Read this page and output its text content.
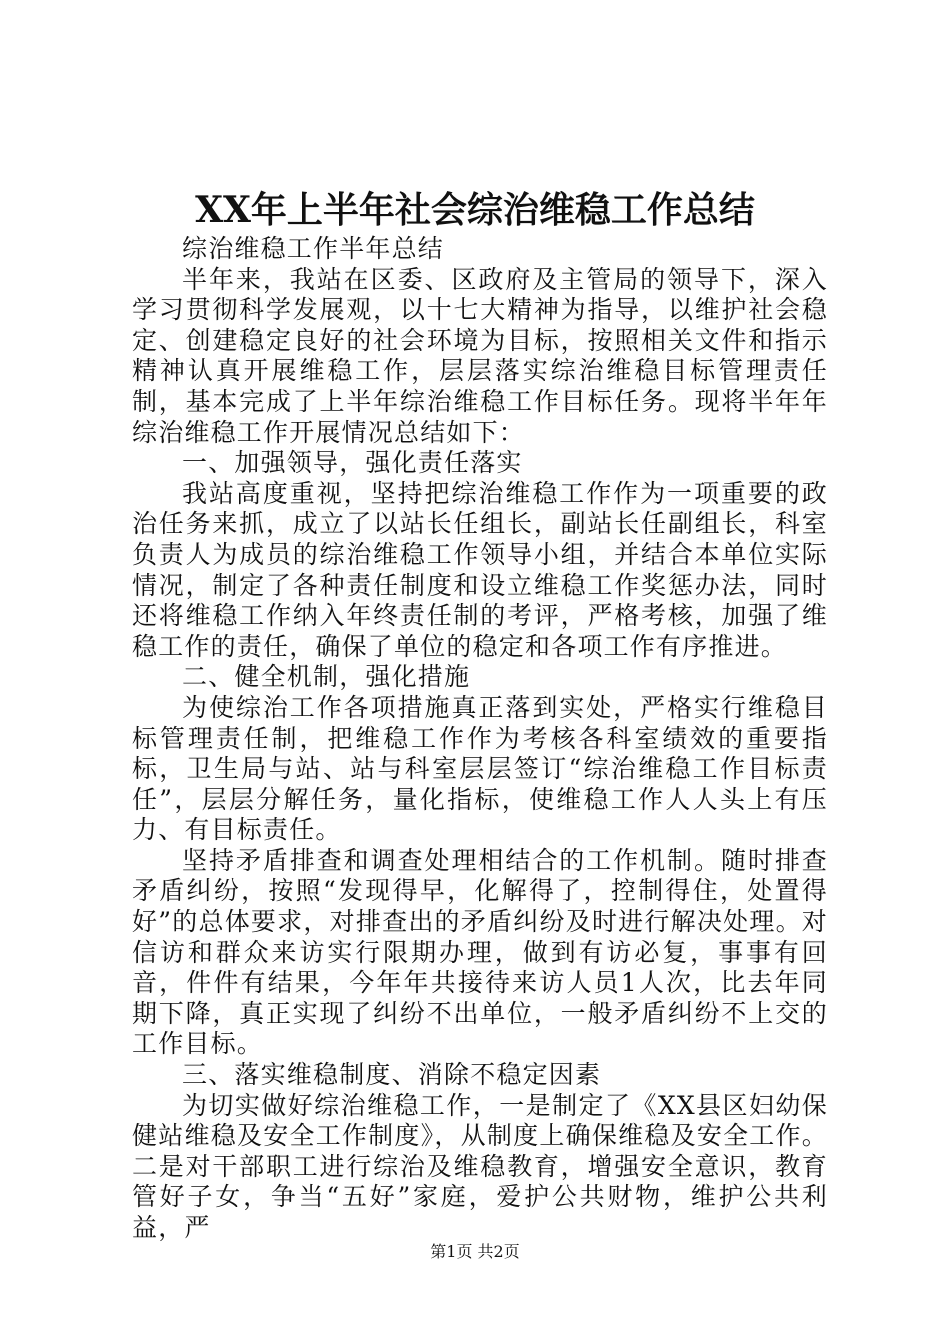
XX年上半年社会综治维稳工作总结

综治维稳工作半年总结

半年来，我站在区委、区政府及主管局的领导下，深入学习贯彻科学发展观，以十七大精神为指导，以维护社会稳定、创建稳定良好的社会环境为目标，按照相关文件和指示精神认真开展维稳工作，层层落实综治维稳目标管理责任制，基本完成了上半年综治维稳工作目标任务。现将半年年综治维稳工作开展情况总结如下：

一、加强领导，强化责任落实

我站高度重视，坚持把综治维稳工作作为一项重要的政治任务来抓，成立了以站长任组长，副站长任副组长，科室负责人为成员的综治维稳工作领导小组，并结合本单位实际情况，制定了各种责任制度和设立维稳工作奖惩办法，同时还将维稳工作纳入年终责任制的考评，严格考核，加强了维稳工作的责任，确保了单位的稳定和各项工作有序推进。

二、健全机制，强化措施

为使综治工作各项措施真正落到实处，严格实行维稳目标管理责任制，把维稳工作作为考核各科室绩效的重要指标，卫生局与站、站与科室层层签订“综治维稳工作目标责任”，层层分解任务，量化指标，使维稳工作人人头上有压力、有目标责任。

坚持矛盾排查和调查处理相结合的工作机制。随时排查矛盾纠纷，按照“发现得早，化解得了，控制得住，处置得好”的总体要求，对排查出的矛盾纠纷及时进行解决处理。对信访和群众来访实行限期办理，做到有访必复，事事有回音，件件有结果，今年年共接待来访人员1人次，比去年同期下降，真正实现了纠纷不出单位，一般矛盾纠纷不上交的工作目标。

三、落实维稳制度、消除不稳定因素

为切实做好综治维稳工作，一是制定了《XX县区妇幼保健站维稳及安全工作制度》，从制度上确保维稳及安全工作。二是对干部职工进行综治及维稳教育，增强安全意识，教育管好子女，争当“五好”家庭，爱护公共财物，维护公共利益，严

第1页 共2页
